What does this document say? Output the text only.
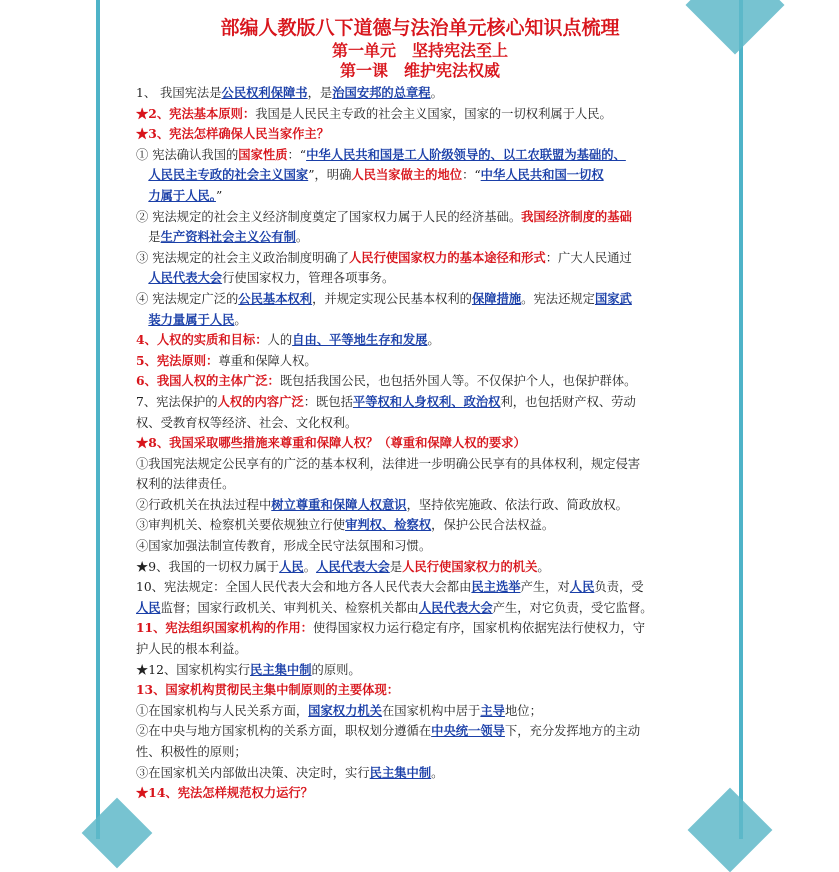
部编人教版八下道德与法治单元核心知识点梳理
第一单元　坚持宪法至上
第一课　维护宪法权威
1、 我国宪法是公民权利保障书，是治国安邦的总章程。
★2、宪法基本原则：我国是人民民主专政的社会主义国家，国家的一切权利属于人民。
★3、宪法怎样确保人民当家作主？
① 宪法确认我国的国家性质：“中华人民共和国是工人阶级领导的、以工农联盟为基础的、
　人民民主专政的社会主义国家”，明确人民当家做主的地位：“中华人民共和国一切权
　力属于人民。”
② 宪法规定的社会主义经济制度奠定了国家权力属于人民的经济基础。我国经济制度的基础
　是生产资料社会主义公有制。
③ 宪法规定的社会主义政治制度明确了人民行使国家权力的基本途径和形式：广大人民通过
　人民代表大会行使国家权力，管理各项事务。
④ 宪法规定广泛的公民基本权利，并规定实现公民基本权利的保障措施。宪法还规定国家武
　装力量属于人民。
4、人权的实质和目标：人的自由、平等地生存和发展。
5、宪法原则：尊重和保障人权。
6、我国人权的主体广泛：既包括我国公民，也包括外国人等。不仅保护个人，也保护群体。
7、宪法保护的人权的内容广泛：既包括平等权和人身权利、政治权利，也包括财产权、劳动
权、受教育权等经济、社会、文化权利。
★8、我国采取哪些措施来尊重和保障人权？（尊重和保障人权的要求）
①我国宪法规定公民享有的广泛的基本权利，法律进一步明确公民享有的具体权利，规定侵害
权利的法律责任。
②行政机关在执法过程中树立尊重和保障人权意识，坚持依宪施政、依法行政、简政放权。
③审判机关、检察机关要依规独立行使审判权、检察权，保护公民合法权益。
④国家加强法制宣传教育，形成全民守法氛围和习惯。
★9、我国的一切权力属于人民。人民代表大会是人民行使国家权力的机关。
10、宪法规定：全国人民代表大会和地方各人民代表大会都由民主选举产生，对人民负责，受
人民监督；国家行政机关、审判机关、检察机关都由人民代表大会产生，对它负责，受它监督。
11、宪法组织国家机构的作用：使得国家权力运行稳定有序，国家机构依据宪法行使权力，守
护人民的根本利益。
★12、国家机构实行民主集中制的原则。
13、国家机构贯彻民主集中制原则的主要体现：
①在国家机构与人民关系方面，国家权力机关在国家机构中居于主导地位；
②在中央与地方国家机构的关系方面，职权划分遵循在中央统一领导下，充分发挥地方的主动
性、积极性的原则；
③在国家机关内部做出决策、决定时，实行民主集中制。
★14、宪法怎样规范权力运行？
